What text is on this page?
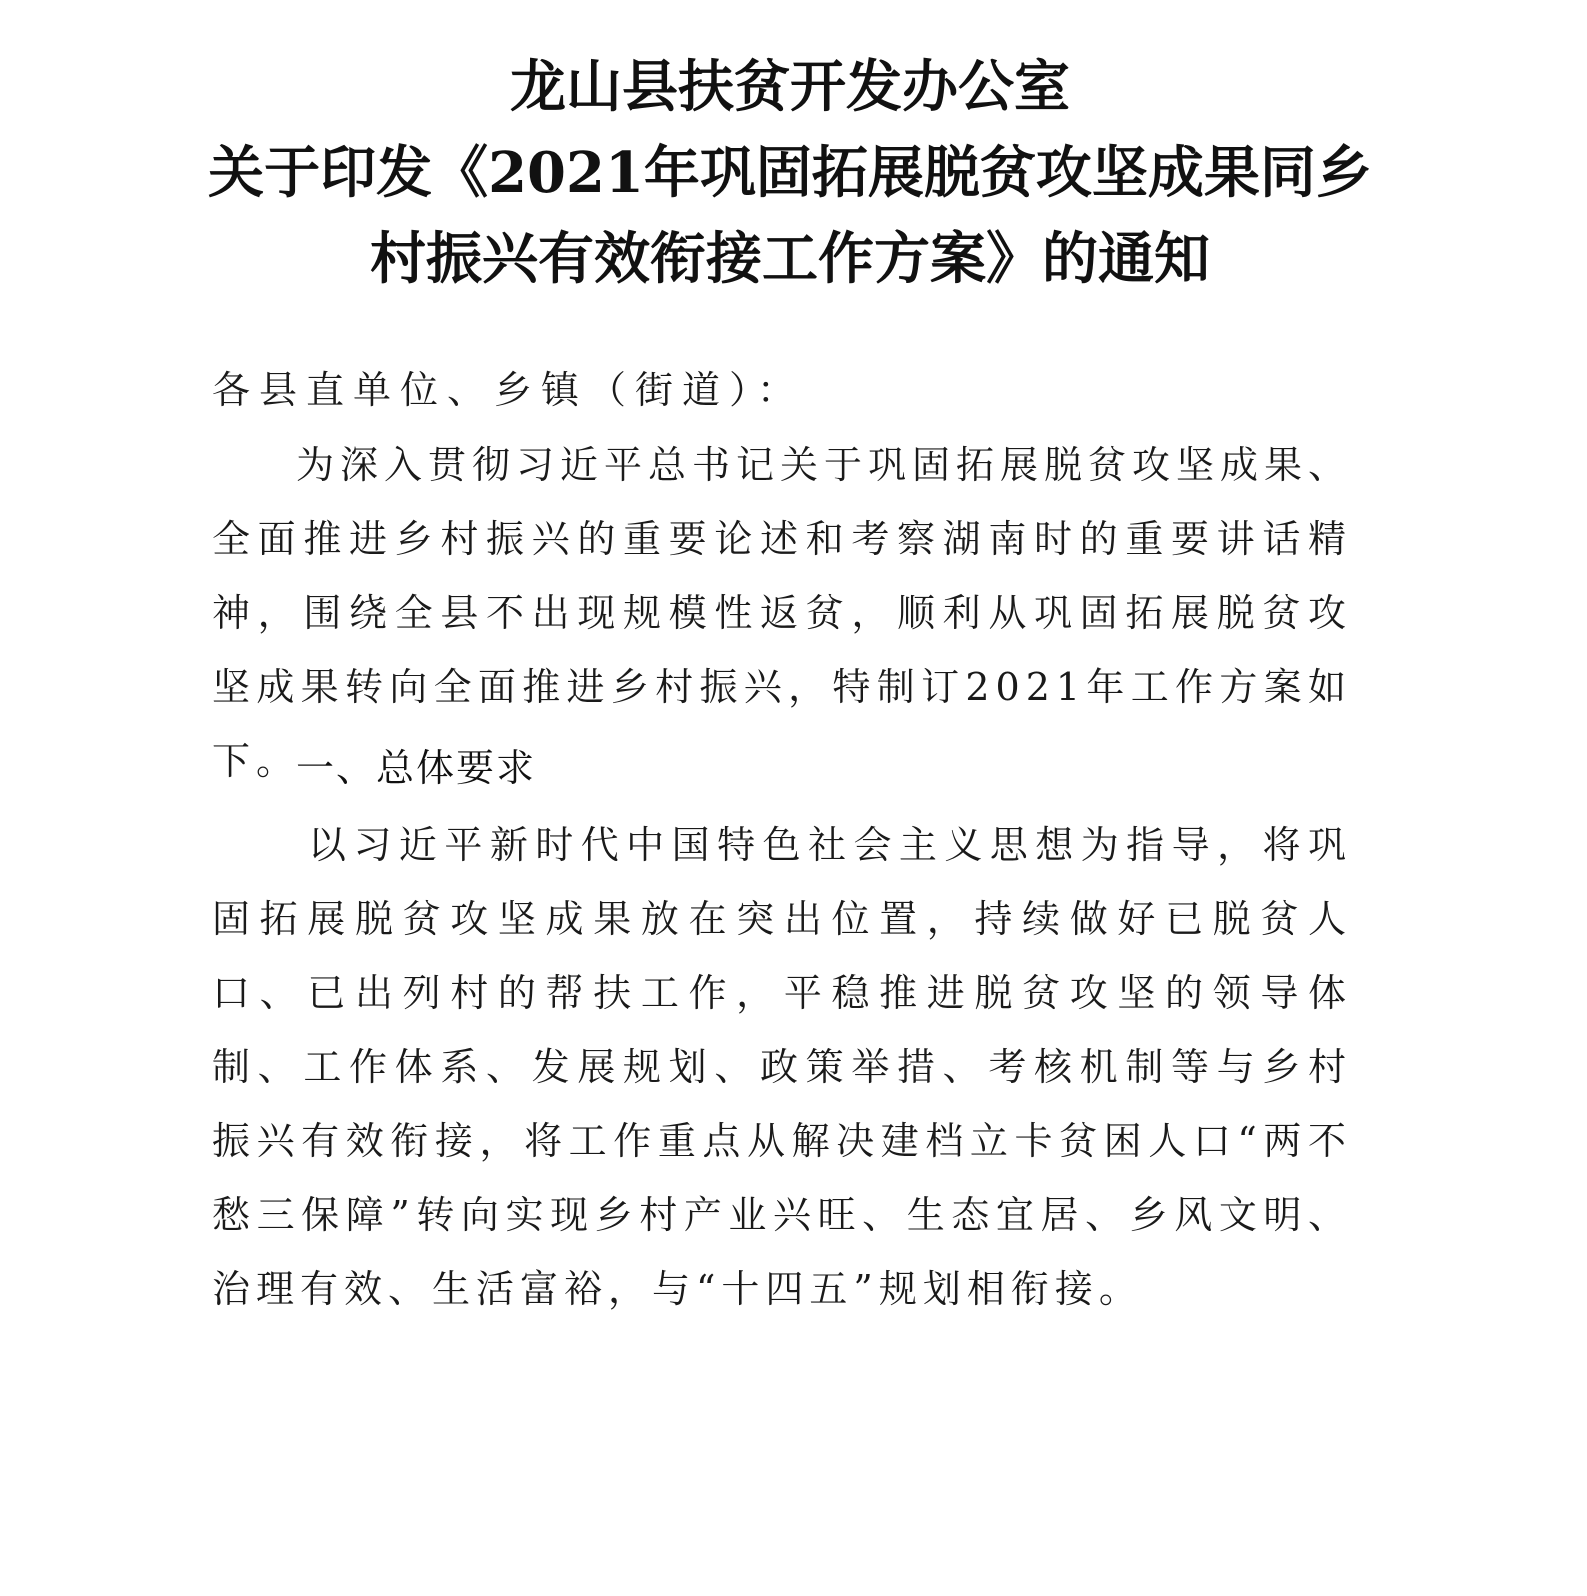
龙山县扶贫开发办公室
关于印发《2021年巩固拓展脱贫攻坚成果同乡
村振兴有效衔接工作方案》的通知
各县直单位、乡镇（街道）：

为深入贯彻习近平总书记关于巩固拓展脱贫攻坚成果、全面推进乡村振兴的重要论述和考察湖南时的重要讲话精神，围绕全县不出现规模性返贫，顺利从巩固拓展脱贫攻坚成果转向全面推进乡村振兴，特制订2021年工作方案如下。

一、总体要求

以习近平新时代中国特色社会主义思想为指导，将巩固拓展脱贫攻坚成果放在突出位置，持续做好已脱贫人口、已出列村的帮扶工作，平稳推进脱贫攻坚的领导体制、工作体系、发展规划、政策举措、考核机制等与乡村振兴有效衔接，将工作重点从解决建档立卡贫困人口“两不愁三保障”转向实现乡村产业兴旺、生态宜居、乡风文明、治理有效、生活富裕，与“十四五”规划相衔接。
